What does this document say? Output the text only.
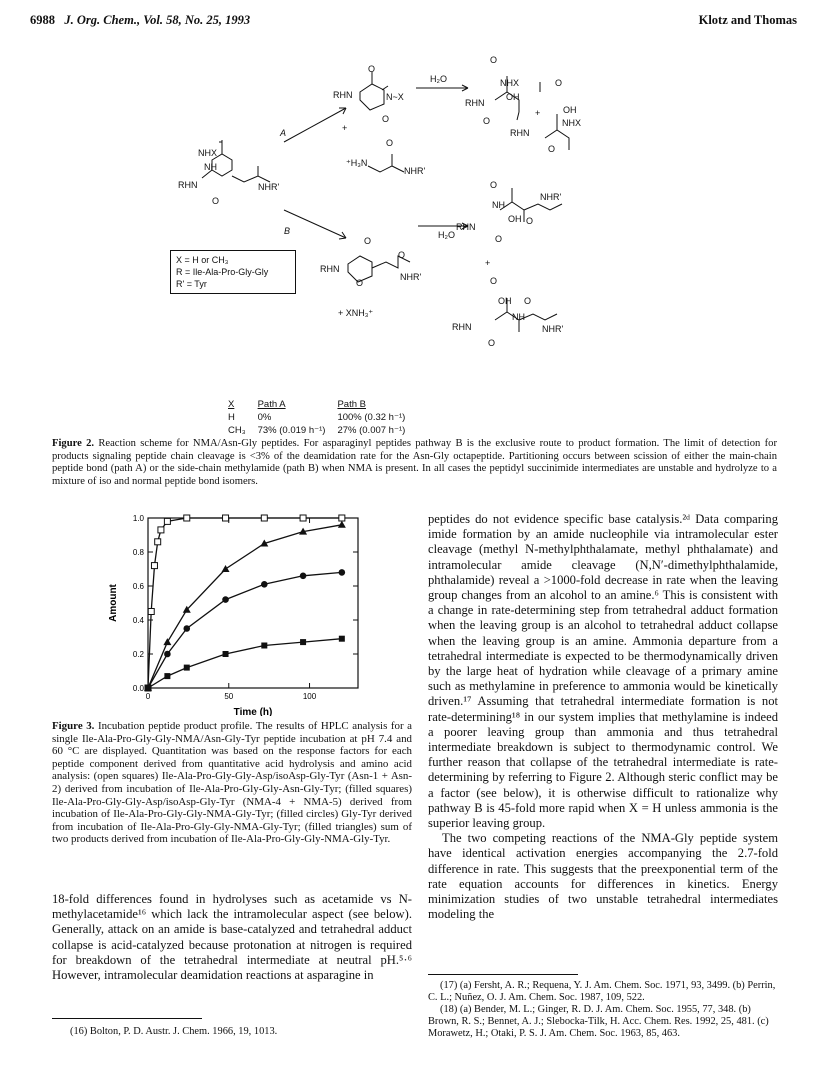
6988 J. Org. Chem., Vol. 58, No. 25, 1993	Klotz and Thomas
RHN	N~X
O
O
+
⁺H₃N
NHR'
O
H₂O
O
NHX
RHN
OH
O
+
O
OH
NHX
RHN
O
NHX
NH
RHN	NHR'
O
A
B	H₂O
RHN
NHR'
O
O
O
+ XNH₃⁺
O
NHR'
NH
OH O
RHN
O
+
O
OH O
NH
NHR'
RHN
O
X = H or CH₃
R = Ile-Ala-Pro-Gly-Gly
R' = Tyr
X	Path A	Path B
H	0%	100% (0.32 h⁻¹)
CH₃	73% (0.019 h⁻¹)	27% (0.007 h⁻¹)
Figure 2. Reaction scheme for NMA/Asn-Gly peptides. For asparaginyl peptides pathway B is the exclusive route to product formation. The limit of detection for products signaling peptide chain cleavage is <3% of the deamidation rate for the Asn-Gly octapeptide. Partitioning occurs between scission of either the main-chain peptide bond (path A) or the side-chain methylamide (path B) when NMA is present. In all cases the peptidyl succinimide intermediates are unstable and hydrolyze to a mixture of iso and normal peptide bond isomers.
0.0
0.2
0.4
0.6
0.8
1.0
0	50	100
Time (h)
Amount
Figure 3. Incubation peptide product profile. The results of HPLC analysis for a single Ile-Ala-Pro-Gly-Gly-NMA/Asn-Gly-Tyr peptide incubation at pH 7.4 and 60 °C are displayed. Quantitation was based on the response factors for each peptide component derived from quantitative acid hydrolysis and amino acid analysis: (open squares) Ile-Ala-Pro-Gly-Gly-Asp/isoAsp-Gly-Tyr (Asn-1 + Asn-2) derived from incubation of Ile-Ala-Pro-Gly-Gly-Asn-Gly-Tyr; (filled squares) Ile-Ala-Pro-Gly-Gly-Asp/isoAsp-Gly-Tyr (NMA-4 + NMA-5) derived from incubation of Ile-Ala-Pro-Gly-Gly-NMA-Gly-Tyr; (filled circles) Gly-Tyr derived from incubation of Ile-Ala-Pro-Gly-Gly-NMA-Gly-Tyr; (filled triangles) sum of two products derived from incubation of Ile-Ala-Pro-Gly-Gly-NMA-Gly-Tyr.
18-fold differences found in hydrolyses such as acetamide vs N-methylacetamide¹⁶ which lack the intramolecular aspect (see below). Generally, attack on an amide is base-catalyzed and tetrahedral adduct collapse is acid-catalyzed because protonation at nitrogen is required for breakdown of the tetrahedral intermediate at neutral pH.⁵·⁶ However, intramolecular deamidation reactions at asparagine in
(16) Bolton, P. D. Austr. J. Chem. 1966, 19, 1013.
peptides do not evidence specific base catalysis.²ᵈ Data comparing imide formation by an amide nucleophile via intramolecular ester cleavage (methyl N-methylphthalamate, methyl phthalamate) and intramolecular amide cleavage (N,N′-dimethylphthalamide, phthalamide) reveal a >1000-fold decrease in rate when the leaving group changes from an alcohol to an amine.⁶ This is consistent with a change in rate-determining step from tetrahedral adduct formation when the leaving group is an alcohol to tetrahedral adduct collapse when the leaving group is an amine. Ammonia departure from a tetrahedral intermediate is expected to be thermodynamically driven by the large heat of hydration while cleavage of a primary amine such as methylamine in preference to ammonia would be kinetically driven.¹⁷ Assuming that tetrahedral intermediate formation is not rate-determining¹⁸ in our system implies that methylamine is indeed a poorer leaving group than ammonia and thus tetrahedral intermediate breakdown is subject to thermodynamic control. We further reason that collapse of the tetrahedral intermediate is rate-determining by referring to Figure 2. Although steric conflict may be a factor (see below), it is otherwise difficult to rationalize why pathway B is 45-fold more rapid when X = H unless ammonia is the superior leaving group.
The two competing reactions of the NMA-Gly peptide system have identical activation energies accompanying the 2.7-fold difference in rate. This suggests that the preexponential term of the rate equation accounts for differences in kinetics. Energy minimization studies of two unstable tetrahedral intermediates modeling the
(17) (a) Fersht, A. R.; Requena, Y. J. Am. Chem. Soc. 1971, 93, 3499. (b) Perrin, C. L.; Nuñez, O. J. Am. Chem. Soc. 1987, 109, 522.
(18) (a) Bender, M. L.; Ginger, R. D. J. Am. Chem. Soc. 1955, 77, 348. (b) Brown, R. S.; Bennet, A. J.; Slebocka-Tilk, H. Acc. Chem. Res. 1992, 25, 481. (c) Morawetz, H.; Otaki, P. S. J. Am. Chem. Soc. 1963, 85, 463.
